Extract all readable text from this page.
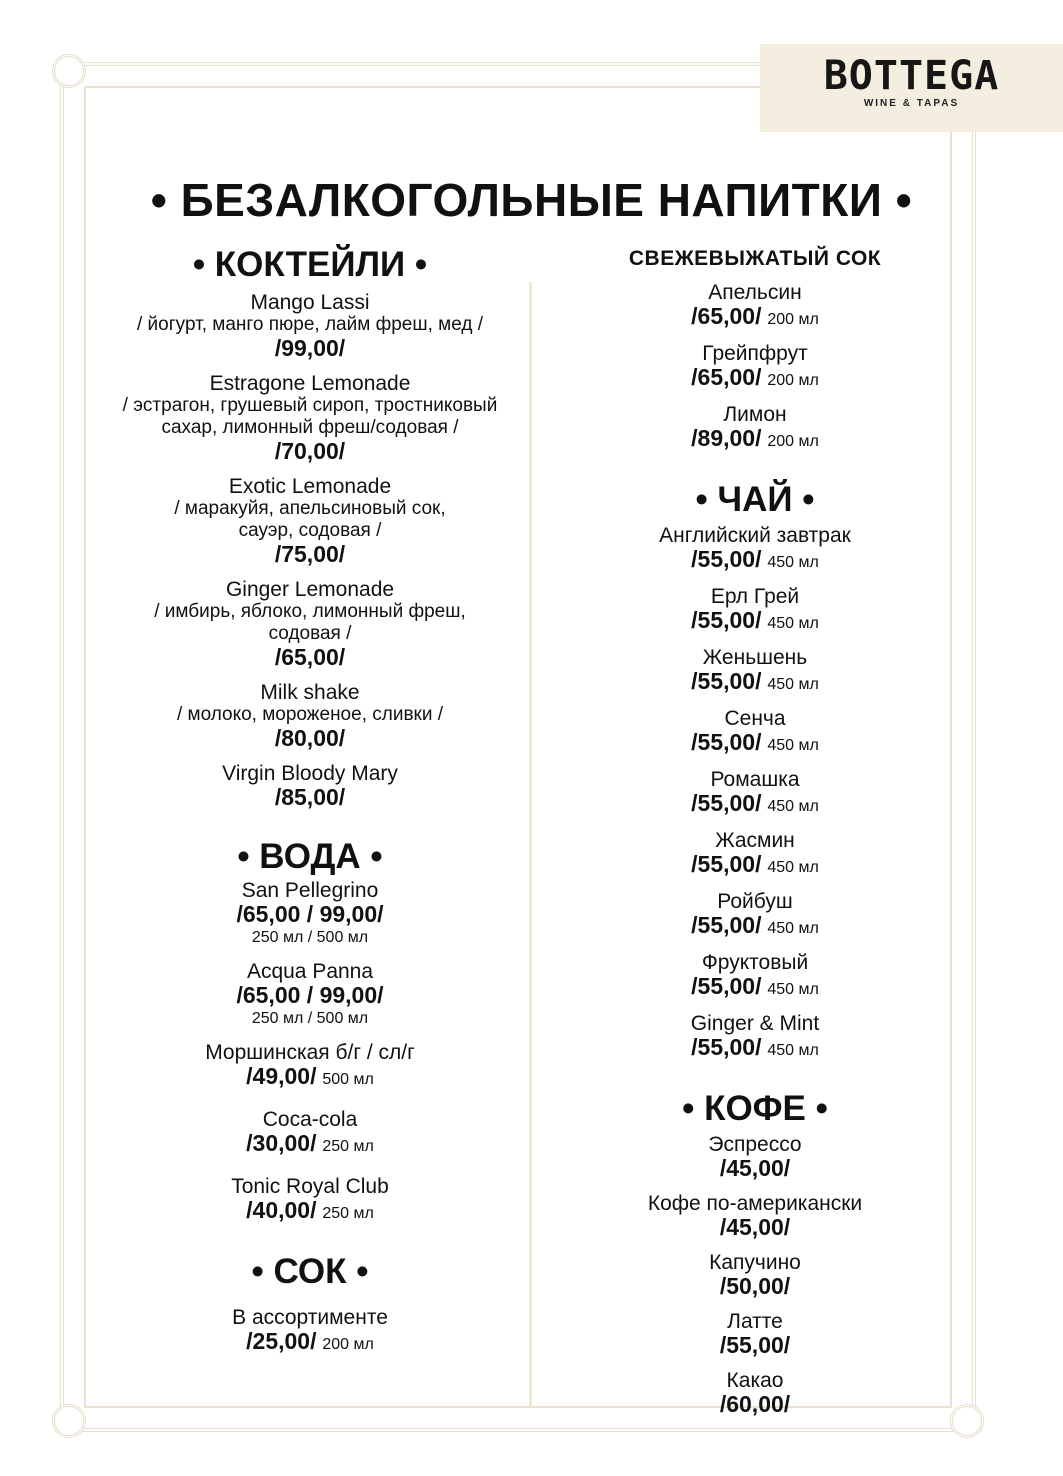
BOTTEGA
WINE & TAPAS
• БЕЗАЛКОГОЛЬНЫЕ НАПИТКИ •
• КОКТЕЙЛИ •
Mango Lassi
/ йогурт, манго пюре, лайм фреш, мед /
/99,00/
Estragone Lemonade
/ эстрагон, грушевый сироп, тростниковый
сахар, лимонный фреш/содовая /
/70,00/
Exotic Lemonade
/ маракуйя, апельсиновый сок,
сауэр, содовая /
/75,00/
Ginger Lemonade
/ имбирь, яблоко, лимонный фреш,
содовая /
/65,00/
Milk shake
/ молоко, мороженое, сливки /
/80,00/
Virgin Bloody Mary
/85,00/
• ВОДА •
San Pellegrino
/65,00 / 99,00/
250 мл / 500 мл
Acqua Panna
/65,00 / 99,00/
250 мл / 500 мл
Моршинская б/г / сл/г
/49,00/ 500 мл
Coca-cola
/30,00/ 250 мл
Tonic Royal Club
/40,00/ 250 мл
• СОК •
В ассортименте
/25,00/ 200 мл
СВЕЖЕВЫЖАТЫЙ СОК
Апельсин
/65,00/ 200 мл
Грейпфрут
/65,00/ 200 мл
Лимон
/89,00/ 200 мл
• ЧАЙ •
Английский завтрак
/55,00/ 450 мл
Ерл Грей
/55,00/ 450 мл
Женьшень
/55,00/ 450 мл
Сенча
/55,00/ 450 мл
Ромашка
/55,00/ 450 мл
Жасмин
/55,00/ 450 мл
Ройбуш
/55,00/ 450 мл
Фруктовый
/55,00/ 450 мл
Ginger & Mint
/55,00/ 450 мл
• КОФЕ •
Эспрессо
/45,00/
Кофе по-американски
/45,00/
Капучино
/50,00/
Латте
/55,00/
Какао
/60,00/
